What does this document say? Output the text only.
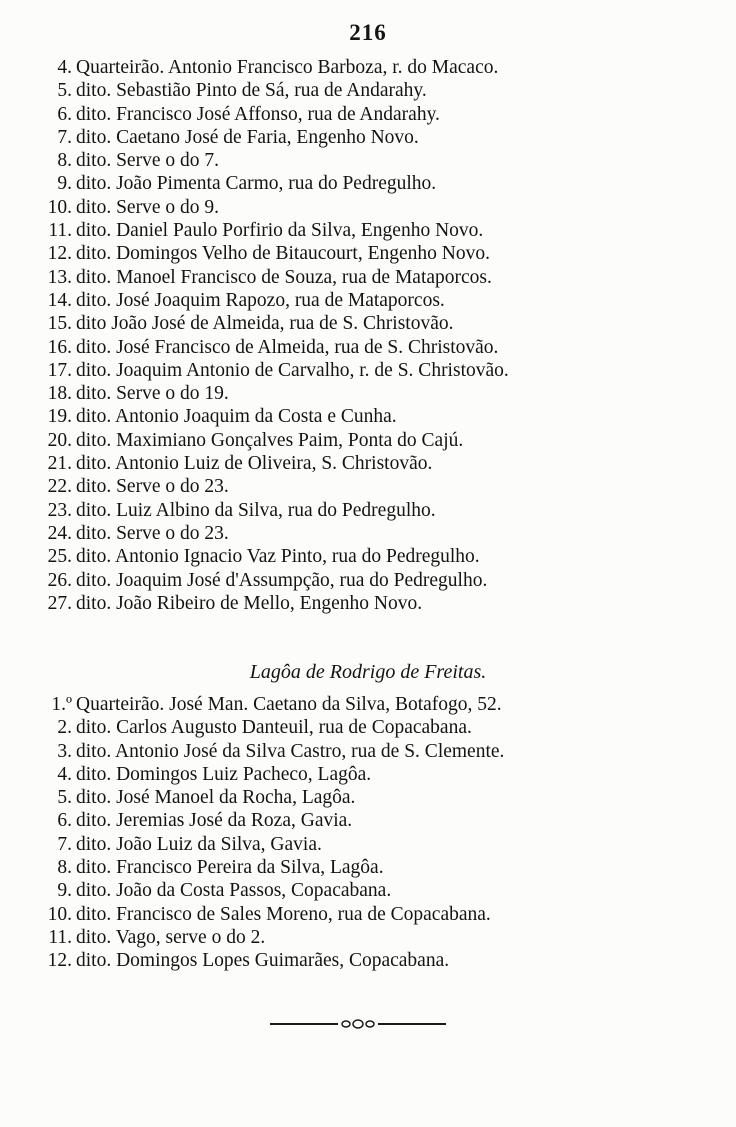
216
4. Quarteirão. Antonio Francisco Barboza, r. do Macaco.
5. dito. Sebastião Pinto de Sá, rua de Andarahy.
6. dito. Francisco José Affonso, rua de Andarahy.
7. dito. Caetano José de Faria, Engenho Novo.
8. dito. Serve o do 7.
9. dito. João Pimenta Carmo, rua do Pedregulho.
10. dito. Serve o do 9.
11. dito. Daniel Paulo Porfirio da Silva, Engenho Novo.
12. dito. Domingos Velho de Bitaucourt, Engenho Novo.
13. dito. Manoel Francisco de Souza, rua de Mataporcos.
14. dito. José Joaquim Rapozo, rua de Mataporcos.
15. dito João José de Almeida, rua de S. Christovão.
16. dito. José Francisco de Almeida, rua de S. Christovão.
17. dito. Joaquim Antonio de Carvalho, r. de S. Christovão.
18. dito. Serve o do 19.
19. dito. Antonio Joaquim da Costa e Cunha.
20. dito. Maximiano Gonçalves Paim, Ponta do Cajú.
21. dito. Antonio Luiz de Oliveira, S. Christovão.
22. dito. Serve o do 23.
23. dito. Luiz Albino da Silva, rua do Pedregulho.
24. dito. Serve o do 23.
25. dito. Antonio Ignacio Vaz Pinto, rua do Pedregulho.
26. dito. Joaquim José d'Assumpção, rua do Pedregulho.
27. dito. João Ribeiro de Mello, Engenho Novo.
Lagôa de Rodrigo de Freitas.
1.º Quarteirão. José Man. Caetano da Silva, Botafogo, 52.
2. dito. Carlos Augusto Danteuil, rua de Copacabana.
3. dito. Antonio José da Silva Castro, rua de S. Clemente.
4. dito. Domingos Luiz Pacheco, Lagôa.
5. dito. José Manoel da Rocha, Lagôa.
6. dito. Jeremias José da Roza, Gavia.
7. dito. João Luiz da Silva, Gavia.
8. dito. Francisco Pereira da Silva, Lagôa.
9. dito. João da Costa Passos, Copacabana.
10. dito. Francisco de Sales Moreno, rua de Copacabana.
11. dito. Vago, serve o do 2.
12. dito. Domingos Lopes Guimarães, Copacabana.
